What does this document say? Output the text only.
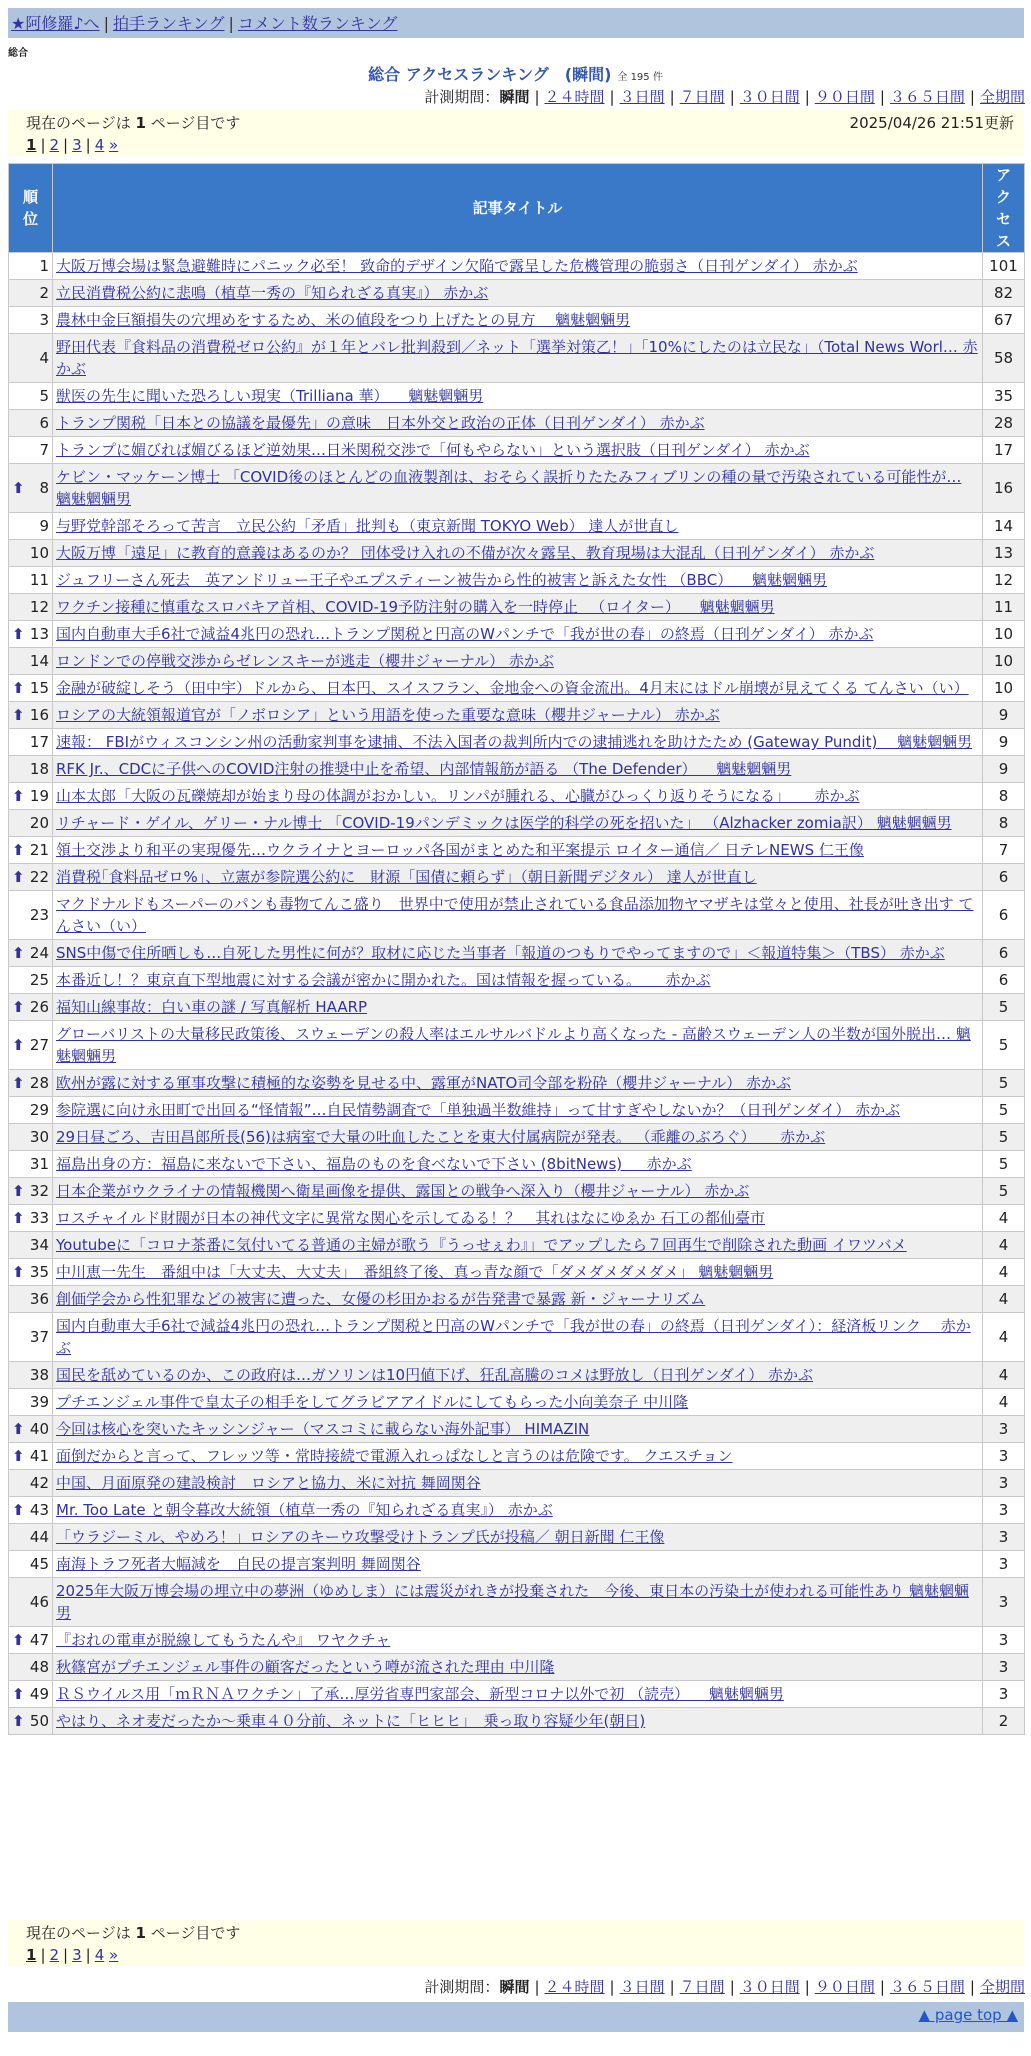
★阿修羅♪へ | 拍手ランキング | コメント数ランキング
総合
総合 アクセスランキング　(瞬間) 全 195 件
計測期間：瞬間 | ２４時間 | ３日間 | ７日間 | ３０日間 | ９０日間 | ３６５日間 | 全期間
現在のページは 1 ページ目です	2025/04/26 21:51更新
1 | 2 | 3 | 4 »
順位	記事タイトル	アクセス
1	大阪万博会場は緊急避難時にパニック必至！ 致命的デザイン欠陥で露呈した危機管理の脆弱さ（日刊ゲンダイ） 赤かぶ	101
2	立民消費税公約に悲鳴（植草一秀の『知られざる真実』） 赤かぶ	82
3	農林中金巨額損失の穴埋めをするため、米の値段をつり上げたとの見方 　魑魅魍魎男	67
4	野田代表『食料品の消費税ゼロ公約』が１年とバレ批判殺到／ネット「選挙対策乙！」「10%にしたのは立民な」（Total News Worl… 赤かぶ	58
5	獣医の先生に聞いた恐ろしい現実（Trilliana 華） 　魑魅魍魎男	35
6	トランプ関税「日本との協議を最優先」の意味　日本外交と政治の正体（日刊ゲンダイ） 赤かぶ	28
7	トランプに媚びれば媚びるほど逆効果…日米関税交渉で「何もやらない」という選択肢（日刊ゲンダイ） 赤かぶ	17

⬆ 8	ケビン・マッケーン博士 「COVID後のほとんどの血液製剤は、おそらく誤折りたたみフィブリンの種の量で汚染されている可能性が… 魑魅魍魎男	16
9	与野党幹部そろって苦言　立民公約「矛盾」批判も（東京新聞 TOKYO Web） 達人が世直し	14
10	大阪万博「遠足」に教育的意義はあるのか？ 団体受け入れの不備が次々露呈、教育現場は大混乱（日刊ゲンダイ） 赤かぶ	13
11	ジュフリーさん死去　英アンドリュー王子やエプスティーン被告から性的被害と訴えた女性 （BBC） 　魑魅魍魎男	12
12	ワクチン接種に慎重なスロバキア首相、COVID-19予防注射の購入を一時停止 　（ロイター） 　魑魅魍魎男	11

⬆ 13	国内自動車大手6社で減益4兆円の恐れ…トランプ関税と円高のWパンチで「我が世の春」の終焉（日刊ゲンダイ） 赤かぶ	10
14	ロンドンでの停戦交渉からゼレンスキーが逃走（櫻井ジャーナル） 赤かぶ	10

⬆ 15	金融が破綻しそう（田中宇）ドルから、日本円、スイスフラン、金地金への資金流出。4月末にはドル崩壊が見えてくる てんさい（い）	10

⬆ 16	ロシアの大統領報道官が「ノボロシア」という用語を使った重要な意味（櫻井ジャーナル） 赤かぶ	9
17	速報： FBIがウィスコンシン州の活動家判事を逮捕、不法入国者の裁判所内での逮捕逃れを助けたため (Gateway Pundit) 　魑魅魍魎男	9
18	RFK Jr.、CDCに子供へのCOVID注射の推奨中止を希望、内部情報筋が語る （The Defender） 　魑魅魍魎男	9

⬆ 19	山本太郎「大阪の瓦礫焼却が始まり母の体調がおかしい。リンパが腫れる、心臓がひっくり返りそうになる」 　 赤かぶ	8
20	リチャード・ゲイル、ゲリー・ナル博士 「COVID-19パンデミックは医学的科学の死を招いた」 （Alzhacker zomia訳） 魑魅魍魎男	8

⬆ 21	領土交渉より和平の実現優先…ウクライナとヨーロッパ各国がまとめた和平案提示 ロイター通信／ 日テレNEWS 仁王像	7

⬆ 22	消費税｢食料品ゼロ%｣、立憲が参院選公約に　財源「国債に頼らず」（朝日新聞デジタル） 達人が世直し	6
23	マクドナルドもスーパーのパンも毒物てんこ盛り　世界中で使用が禁止されている食品添加物ヤマザキは堂々と使用、社長が吐き出す てんさい（い）	6

⬆ 24	SNS中傷で住所晒しも…自死した男性に何が？取材に応じた当事者「報道のつもりでやってますので」＜報道特集＞（TBS） 赤かぶ	6
25	本番近し！？東京直下型地震に対する会議が密かに開かれた。国は情報を握っている。 　 赤かぶ	6

⬆ 26	福知山線事故：白い車の謎 / 写真解析 HAARP	5

⬆ 27	グローバリストの大量移民政策後、スウェーデンの殺人率はエルサルバドルより高くなった - 高齢スウェーデン人の半数が国外脱出… 魑魅魍魎男	5

⬆ 28	欧州が露に対する軍事攻撃に積極的な姿勢を見せる中、露軍がNATO司令部を粉砕（櫻井ジャーナル） 赤かぶ	5
29	参院選に向け永田町で出回る“怪情報”…自民情勢調査で「単独過半数維持」って甘すぎやしないか？（日刊ゲンダイ） 赤かぶ	5
30	29日昼ごろ、吉田昌郎所長(56)は病室で大量の吐血したことを東大付属病院が発表。 （乖離のぶろぐ） 　 赤かぶ	5
31	福島出身の方：福島に来ないで下さい、福島のものを食べないで下さい (8bitNews) 　 赤かぶ	5

⬆ 32	日本企業がウクライナの情報機関へ衛星画像を提供、露国との戦争へ深入り（櫻井ジャーナル） 赤かぶ	5

⬆ 33	ロスチャイルド財閥が日本の神代文字に異常な関心を示してゐる！？　其れはなにゆゑか 石工の都仙臺市	4
34	Youtubeに「コロナ茶番に気付いてる普通の主婦が歌う『うっせぇわ』」でアップしたら７回再生で削除された動画 イワツバメ	4

⬆ 35	中川恵一先生　番組中は「大丈夫、大丈夫」　番組終了後、真っ青な顔で「ダメダメダメダメ」 魑魅魍魎男	4
36	創価学会から性犯罪などの被害に遭った、女優の杉田かおるが告発書で暴露 新・ジャーナリズム	4
37	国内自動車大手6社で減益4兆円の恐れ…トランプ関税と円高のWパンチで「我が世の春」の終焉（日刊ゲンダイ）：経済板リンク 　赤かぶ	4
38	国民を舐めているのか、この政府は…ガソリンは10円値下げ、狂乱高騰のコメは野放し（日刊ゲンダイ） 赤かぶ	4
39	プチエンジェル事件で皇太子の相手をしてグラビアアイドルにしてもらった小向美奈子 中川隆	4

⬆ 40	今回は核心を突いたキッシンジャー（マスコミに載らない海外記事） HIMAZIN	3

⬆ 41	面倒だからと言って、フレッツ等・常時接続で電源入れっぱなしと言うのは危険です。 クエスチョン	3
42	中国、月面原発の建設検討　ロシアと協力、米に対抗 舞岡関谷	3

⬆ 43	Mr. Too Late と朝令暮改大統領（植草一秀の『知られざる真実』） 赤かぶ	3
44	「ウラジーミル、やめろ！」ロシアのキーウ攻撃受けトランプ氏が投稿／ 朝日新聞 仁王像	3
45	南海トラフ死者大幅減を　自民の提言案判明 舞岡関谷	3
46	2025年大阪万博会場の埋立中の夢洲（ゆめしま）には震災がれきが投棄された　今後、東日本の汚染土が使われる可能性あり 魑魅魍魎男	3

⬆ 47	『おれの電車が脱線してもうたんや』 ワヤクチャ	3
48	秋篠宮がプチエンジェル事件の顧客だったという噂が流された理由 中川隆	3

⬆ 49	ＲＳウイルス用「ｍＲＮＡワクチン」了承…厚労省専門家部会、新型コロナ以外で初 （読売） 　魑魅魍魎男	3

⬆ 50	やはり、ネオ麦だったか～乗車４０分前、ネットに「ヒヒヒ」　乗っ取り容疑少年(朝日)	2
現在のページは 1 ページ目です
1 | 2 | 3 | 4 »
計測期間：瞬間 | ２４時間 | ３日間 | ７日間 | ３０日間 | ９０日間 | ３６５日間 | 全期間
▲ page top ▲
